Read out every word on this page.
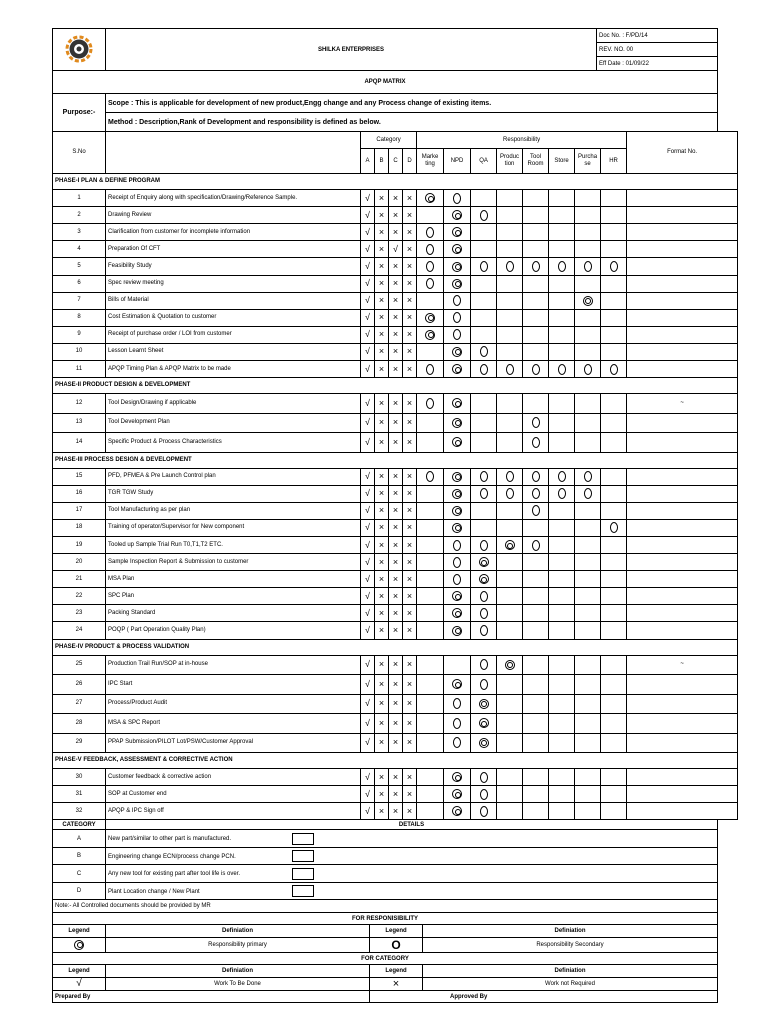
	SHILKA ENTERPRISES	Doc No. : F/PD/14
REV. NO. 00
Eff Date : 01/09/22
APQP MATRIX
Purpose:-	Scope : This is applicable for development of new product,Engg change and any Process change of existing items.
Method : Description,Rank of Development and responsibility is defined as below.
S.No		Category				Responsibility								Format No.
		A	B	C	D	Marke ting	NPD	QA	Produc tion	Tool Room	Store	Purcha se	HR	
PHASE-I PLAN & DEFINE PROGRAM														
1	Receipt of Enquiry along with specification/Drawing/Reference Sample.	√	×	×	×									
2	Drawing Review	√	×	×	×									
3	Clarification from customer for incomplete information	√	×	×	×									
4	Preparation Of CFT	√	×	√	×									
5	Feasibility Study	√	×	×	×									
6	Spec review meeting	√	×	×	×									
7	Bills of Material	√	×	×	×									
8	Cost Estimation & Quotation to customer	√	×	×	×									
9	Receipt of purchase order / LOI from customer	√	×	×	×									
10	Lesson Learnt Sheet	√	×	×	×									
11	APQP Timing Plan & APQP Matrix to be made	√	×	×	×									
PHASE-II PRODUCT DESIGN & DEVELOPMENT														
12	Tool Design/Drawing if applicable	√	×	×	×									~
13	Tool Development Plan	√	×	×	×									
14	Specific Product & Process Characteristics	√	×	×	×									
PHASE-III PROCESS DESIGN & DEVELOPMENT														
15	PFD, PFMEA & Pre Launch Control plan	√	×	×	×									
16	TGR TGW Study	√	×	×	×									
17	Tool Manufacturing as per plan	√	×	×	×									
18	Training of operator/Supervisor for New component	√	×	×	×									
19	Tooled up Sample Trial Run T0,T1,T2 ETC.	√	×	×	×									
20	Sample Inspection Report & Submission to customer	√	×	×	×									
21	MSA Plan	√	×	×	×									
22	SPC Plan	√	×	×	×									
23	Packing Standard	√	×	×	×									
24	POQP ( Part Operation Quality Plan)	√	×	×	×									
PHASE-IV PRODUCT & PROCESS VALIDATION														
25	Production Trail Run/SOP at in-house	√	×	×	×									~
26	IPC Start	√	×	×	×									
27	Process/Product Audit	√	×	×	×									
28	MSA & SPC Report	√	×	×	×									
29	PPAP Submission/PILOT Lot/PSW/Customer Approval	√	×	×	×									
PHASE-V FEEDBACK, ASSESSMENT & CORRECTIVE ACTION														
30	Customer feedback & corrective action	√	×	×	×									
31	SOP at Customer end	√	×	×	×									
32	APQP & IPC Sign off	√	×	×	×									
CATEGORY	DETAILS
A	New part/similar to other part is manufactured.
B	Engineering change ECN/process change PCN.
C	Any new tool for existing part after tool life is over.
D	Plant Location change / New Plant
Note:- All Controlled documents should be provided by MR			
FOR RESPONISIBILITY			
Legend	Definiation	Legend	Definiation
	Responsibility primary	O	Responsibility Secondary
FOR CATEGORY			
Legend	Definiation	Legend	Definiation
√	Work To Be Done	×	Work not Required
Prepared By		Approved By	
